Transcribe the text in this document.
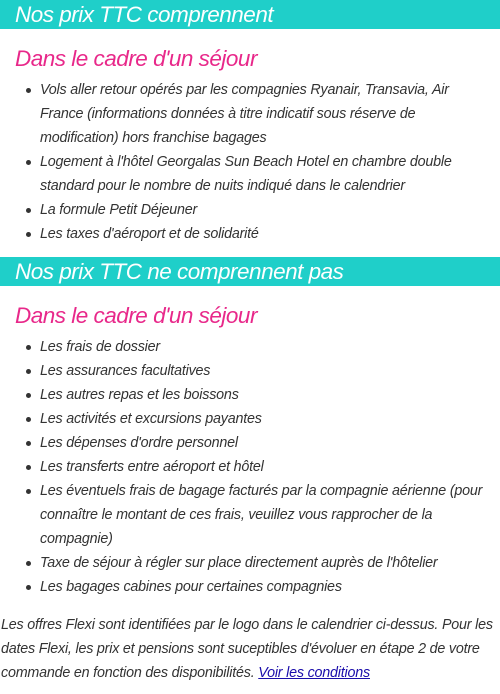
Nos prix TTC comprennent
Dans le cadre d'un séjour
Vols aller retour opérés par les compagnies Ryanair, Transavia, Air France (informations données à titre indicatif sous réserve de modification) hors franchise bagages
Logement à l'hôtel Georgalas Sun Beach Hotel en chambre double standard pour le nombre de nuits indiqué dans le calendrier
La formule Petit Déjeuner
Les taxes d'aéroport et de solidarité
Nos prix TTC ne comprennent pas
Dans le cadre d'un séjour
Les frais de dossier
Les assurances facultatives
Les autres repas et les boissons
Les activités et excursions payantes
Les dépenses d'ordre personnel
Les transferts entre aéroport et hôtel
Les éventuels frais de bagage facturés par la compagnie aérienne (pour connaître le montant de ces frais, veuillez vous rapprocher de la compagnie)
Taxe de séjour à régler sur place directement auprès de l'hôtelier
Les bagages cabines pour certaines compagnies

Les offres Flexi sont identifiées par le logo dans le calendrier ci-dessus. Pour les dates Flexi, les prix et pensions sont suceptibles d'évoluer en étape 2 de votre commande en fonction des disponibilités. Voir les conditions
